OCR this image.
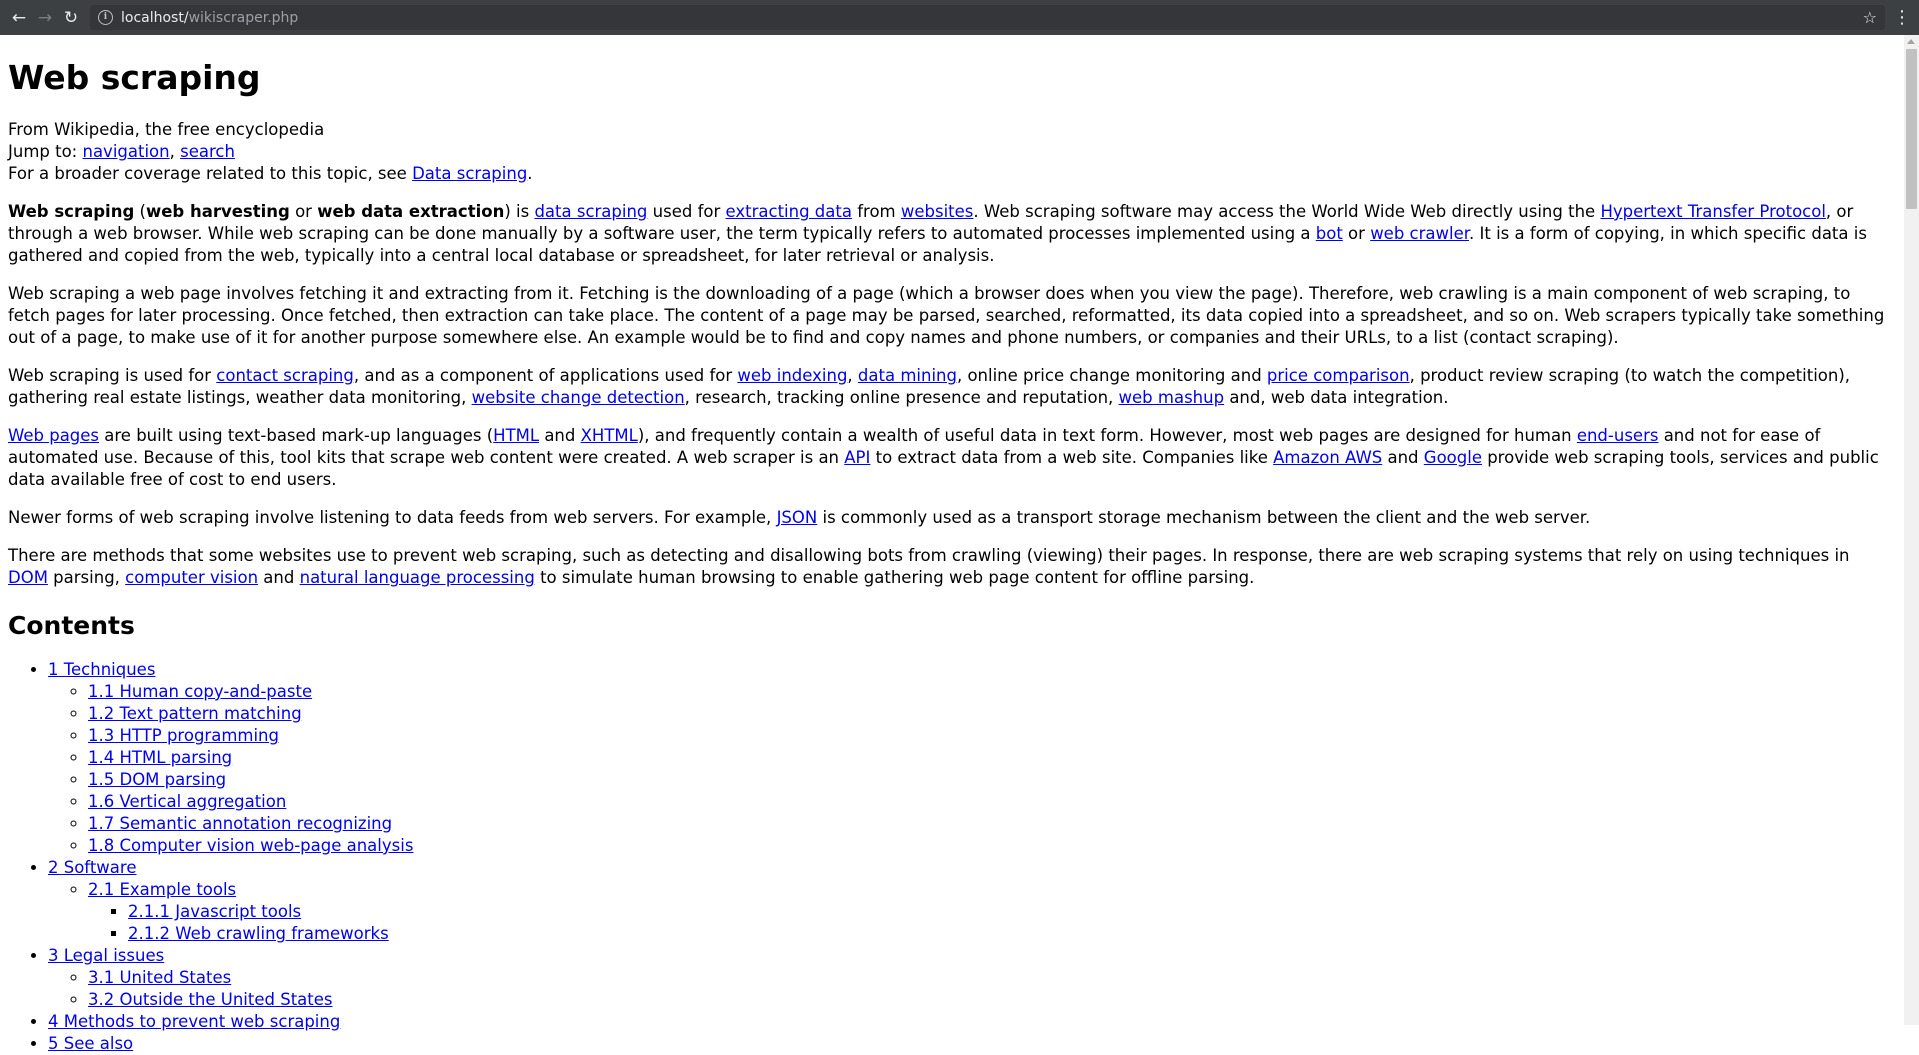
← → ↻	i localhost/wikiscraper.php	☆ ⋮
Web scraping
From Wikipedia, the free encyclopedia
Jump to: navigation, search
For a broader coverage related to this topic, see Data scraping.

Web scraping (web harvesting or web data extraction) is data scraping used for extracting data from websites. Web scraping software may access the World Wide Web directly using the Hypertext Transfer Protocol, or through a web browser. While web scraping can be done manually by a software user, the term typically refers to automated processes implemented using a bot or web crawler. It is a form of copying, in which specific data is gathered and copied from the web, typically into a central local database or spreadsheet, for later retrieval or analysis.

Web scraping a web page involves fetching it and extracting from it. Fetching is the downloading of a page (which a browser does when you view the page). Therefore, web crawling is a main component of web scraping, to fetch pages for later processing. Once fetched, then extraction can take place. The content of a page may be parsed, searched, reformatted, its data copied into a spreadsheet, and so on. Web scrapers typically take something out of a page, to make use of it for another purpose somewhere else. An example would be to find and copy names and phone numbers, or companies and their URLs, to a list (contact scraping).

Web scraping is used for contact scraping, and as a component of applications used for web indexing, data mining, online price change monitoring and price comparison, product review scraping (to watch the competition), gathering real estate listings, weather data monitoring, website change detection, research, tracking online presence and reputation, web mashup and, web data integration.

Web pages are built using text-based mark-up languages (HTML and XHTML), and frequently contain a wealth of useful data in text form. However, most web pages are designed for human end-users and not for ease of automated use. Because of this, tool kits that scrape web content were created. A web scraper is an API to extract data from a web site. Companies like Amazon AWS and Google provide web scraping tools, services and public data available free of cost to end users.

Newer forms of web scraping involve listening to data feeds from web servers. For example, JSON is commonly used as a transport storage mechanism between the client and the web server.

There are methods that some websites use to prevent web scraping, such as detecting and disallowing bots from crawling (viewing) their pages. In response, there are web scraping systems that rely on using techniques in DOM parsing, computer vision and natural language processing to simulate human browsing to enable gathering web page content for offline parsing.

Contents
• 1 Techniques
◦ 1.1 Human copy-and-paste
◦ 1.2 Text pattern matching
◦ 1.3 HTTP programming
◦ 1.4 HTML parsing
◦ 1.5 DOM parsing
◦ 1.6 Vertical aggregation
◦ 1.7 Semantic annotation recognizing
◦ 1.8 Computer vision web-page analysis
• 2 Software
◦ 2.1 Example tools
▪ 2.1.1 Javascript tools
▪ 2.1.2 Web crawling frameworks
• 3 Legal issues
◦ 3.1 United States
◦ 3.2 Outside the United States
• 4 Methods to prevent web scraping
• 5 See also
